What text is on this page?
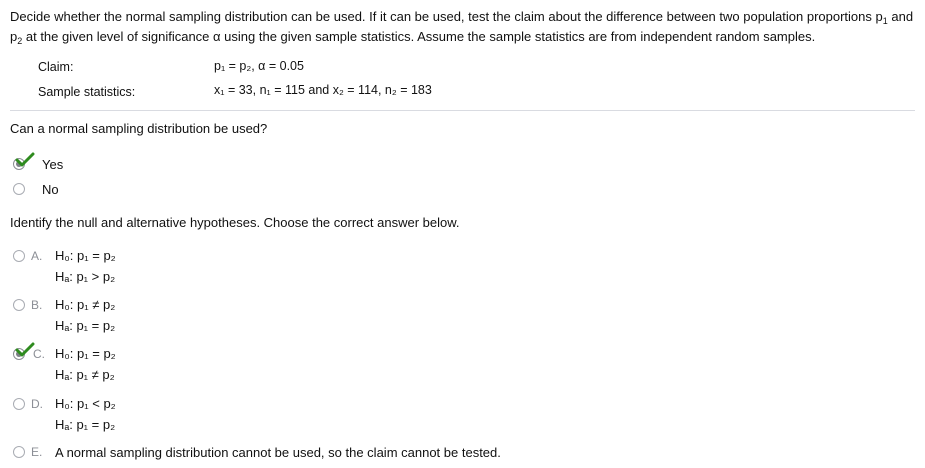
Decide whether the normal sampling distribution can be used. If it can be used, test the claim about the difference between two population proportions $p_1$ and
$p_2$ at the given level of significance α using the given sample statistics. Assume the sample statistics are from independent random samples.
Claim:	p₁ = p₂, α = 0.05
Sample statistics:	x₁ = 33, n₁ = 115 and x₂ = 114, n₂ = 183
Can a normal sampling distribution be used?
Yes
No
Identify the null and alternative hypotheses. Choose the correct answer below.
A. H₀: p₁ = p₂
Hₐ: p₁ > p₂
B. H₀: p₁ ≠ p₂
Hₐ: p₁ = p₂
C. H₀: p₁ = p₂
Hₐ: p₁ ≠ p₂
D. H₀: p₁ < p₂
Hₐ: p₁ = p₂
E. A normal sampling distribution cannot be used, so the claim cannot be tested.
